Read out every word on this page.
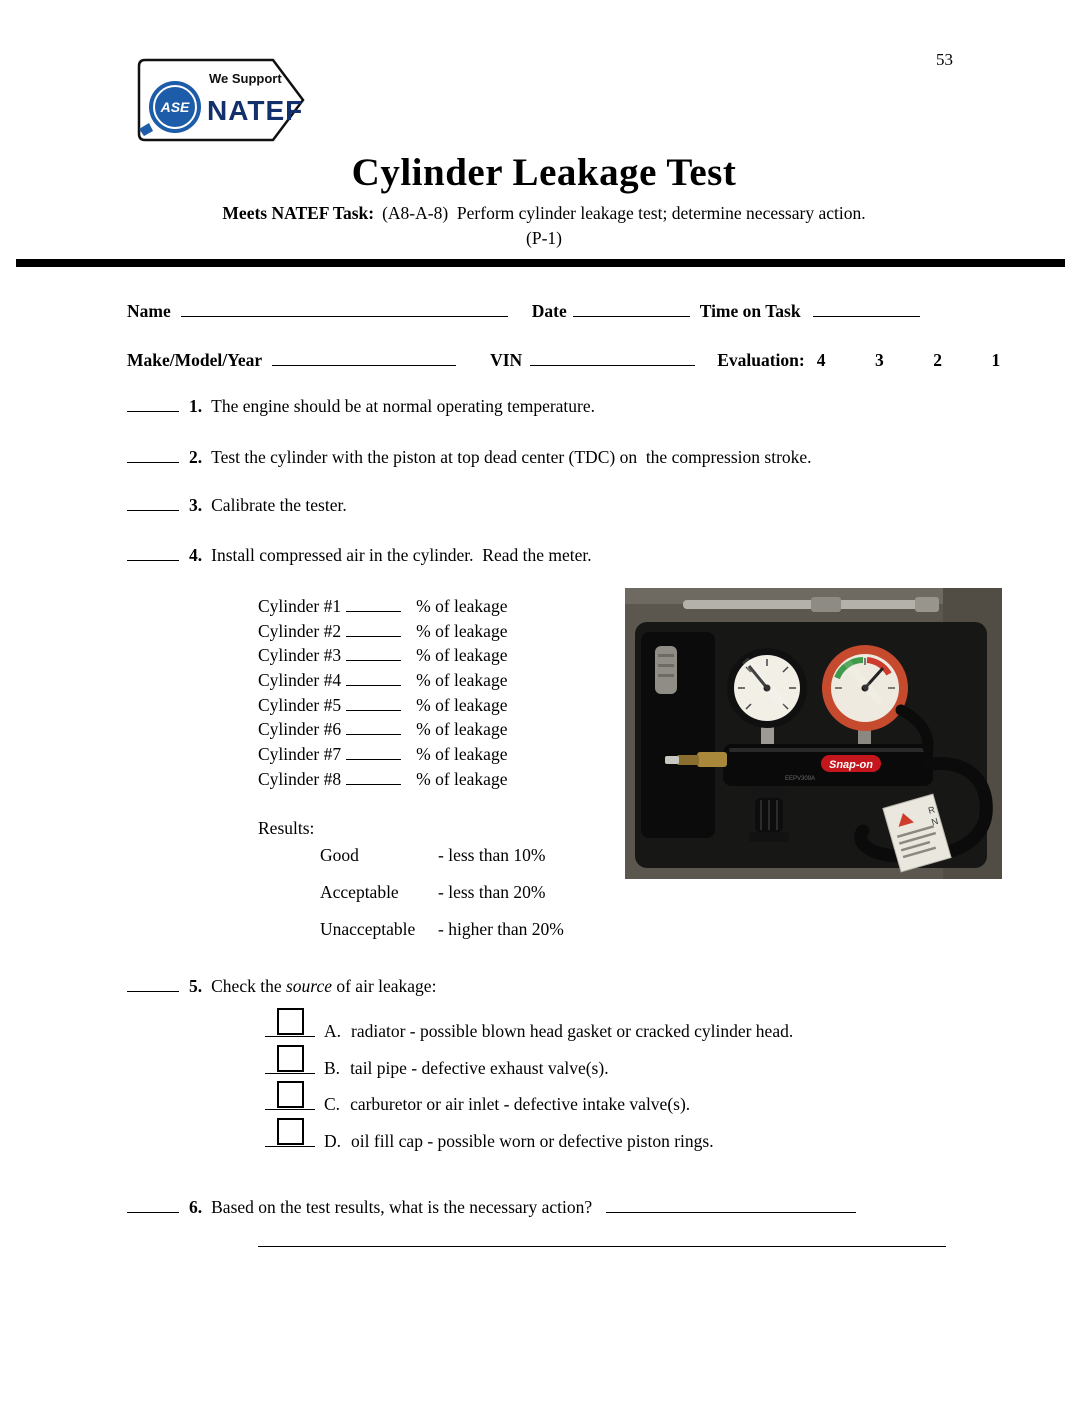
53
ASE
We Support
NATEF
Cylinder Leakage Test
Meets NATEF Task: (A8-A-8)  Perform cylinder leakage test; determine necessary action.
(P-1)
Name	Date	Time on Task
Make/Model/Year	VIN	Evaluation: 4    3    2    1
1. The engine should be at normal operating temperature.
2. Test the cylinder with the piston at top dead center (TDC) on  the compression stroke.
3. Calibrate the tester.
4. Install compressed air in the cylinder.  Read the meter.
Cylinder #1	% of leakage
Cylinder #2	% of leakage
Cylinder #3	% of leakage
Cylinder #4	% of leakage
Cylinder #5	% of leakage
Cylinder #6	% of leakage
Cylinder #7	% of leakage
Cylinder #8	% of leakage
Snap-on
EEPV309A
R
N
Results:
Good	- less than 10%
Acceptable - less than 20%
Unacceptable - higher than 20%
5. Check the source of air leakage:
A. radiator - possible blown head gasket or cracked cylinder head.
B. tail pipe - defective exhaust valve(s).
C. carburetor or air inlet - defective intake valve(s).
D. oil fill cap - possible worn or defective piston rings.
6. Based on the test results, what is the necessary action?
